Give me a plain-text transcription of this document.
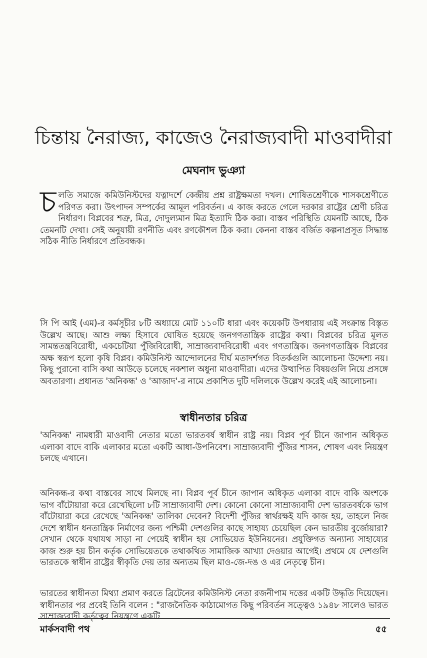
চিন্তায় নৈরাজ্য, কাজেও নৈরাজ্যবাদী মাওবাদীরা
মেঘনাদ ভুঞ্যা

চলতি সমাজে কমিউনিস্টদের যত্নাদর্শে কেন্দ্রীয় প্রশ্ন রাষ্ট্রক্ষমতা দখল। শোষিতশ্রেণীকে শাসকশ্রেণীতে পরিণত করা। উৎপাদন সম্পর্কের আমূল পরিবর্তন। এ কাজ করতে গেলে দরকার রাষ্ট্রের শ্রেণী চরিত্র নির্ধারণ। বিপ্লবের শত্রু, মিত্র, দোদুল্যমান মিত্র ইত্যাদি ঠিক করা। বাস্তব পরিস্থিতি যেমনটি আছে, ঠিক তেমনটি দেখা। সেই অনুযায়ী রণনীতি এবং রণকৌশল ঠিক করা। কেননা বাস্তব বর্জিত কল্পনাপ্রসূত সিদ্ধান্ত সঠিক নীতি নির্ধারণে প্রতিবন্ধক।

সি পি আই (এম)-র কর্মসূচীর ৮টি অধ্যায়ে মোট ১১০টি ধারা এবং কয়েকটি উপধারায় এই সংক্রান্ত বিস্তৃত উল্লেখ আছে। আশু লক্ষ্য হিসাবে ঘোষিত হয়েছে জনগণতান্ত্রিক রাষ্ট্রের কথা। বিপ্লবের চরিত্র মূলত সামন্ততন্ত্রবিরোধী, একচেটিয়া পুঁজিবিরোধী, সাম্রাজ্যবাদবিরোধী এবং গণতান্ত্রিক। জনগণতান্ত্রিক বিপ্লবের অক্ষ স্বরূপ হলো কৃষি বিপ্লব। কমিউনিস্ট আন্দোলনের দীর্ঘ মতাদর্শগত বিতর্কগুলি আলোচনা উদ্দেশ্য নয়। কিছু পুরানো বাসি কথা আউড়ে চলেছে নকশাল অধুনা মাওবাদীরা। এদের উত্থাপিত বিষয়গুলি নিয়ে প্রসঙ্গে অবতারণা। প্রধানত 'অনিকন্ধ' ও 'আজাদ'-র নামে প্রকাশিত দুটি দলিলকে উল্লেখ করেই এই আলোচনা।

স্বাধীনতার চরিত্র

'অনিকন্ধ' নামধারী মাওবাদী নেতার মতো ভারতবর্ষ স্বাধীন রাষ্ট্র নয়। বিপ্লব পূর্ব চীনে জাপান অধিকৃত এলাকা বাদে বাকি এলাকার মতো একটি আধা-উপনিবেশ। সাম্রাজ্যবাদী পুঁজির শাসন, শোষণ এবং নিয়ন্ত্রণ চলছে এখানে।

অনিকন্ধ-র কথা বাস্তবের সাথে মিলছে না। বিপ্লব পূর্ব চীনে জাপান অধিকৃত এলাকা বাদে বাকি অংশকে ভাগ বাঁটোয়ারা করে রেখেছিলো ৮টি সাম্রাজ্যবাদী দেশ। কোনো কোনো সাম্রাজ্যবাদী দেশ ভারতবর্ষকে ভাগ বাঁটোয়ারা করে রেখেছে 'অনিকন্ধ' তালিকা দেবেন? বিদেশী পুঁজির স্বার্থরক্ষই যদি কাজ হয়, তাহলে নিজ দেশে স্বাধীন ধনতান্ত্রিক নির্মাণের জন্য পশ্চিমী দেশগুলির কাছে সাহায্য চেয়েছিল কেন ভারতীয় বুর্জোয়ারা? সেখান থেকে যথাযথ সাড়া না পেয়েই স্বাধীন হয় সোভিয়েত ইউনিয়নের। প্রযুক্তিগত অন্যান্য সাহায্যের কাজ শুরু হয় চীন কর্তৃক সোভিয়েতকে তথাকথিত সামাজিক আখ্যা দেওয়ার আগেই। প্রথমে যে দেশগুলি ভারতকে স্বাধীন রাষ্ট্রের স্বীকৃতি দেয় তার অন্যতম ছিল মাও-জে-দঙ ও এর নেতৃত্বে চীন।

ভারতের স্বাধীনতা মিথ্যা প্রমাণ করতে ব্রিটেনের কমিউনিস্ট নেতা রজনীপাম দত্তের একটি উদ্ধৃতি দিয়েছেন। স্বাধীনতার পর প্রবেই তিনি বলেন : "রাজনৈতিক কাঠামোগত কিছু পরিবর্তন সত্ত্বেও ১৯৪৮ সালেও ভারত সাম্রাজ্যবাদী কর্তৃত্বের নিয়ন্ত্রণে একটি

মার্কসবাদী পথ	৫৫
